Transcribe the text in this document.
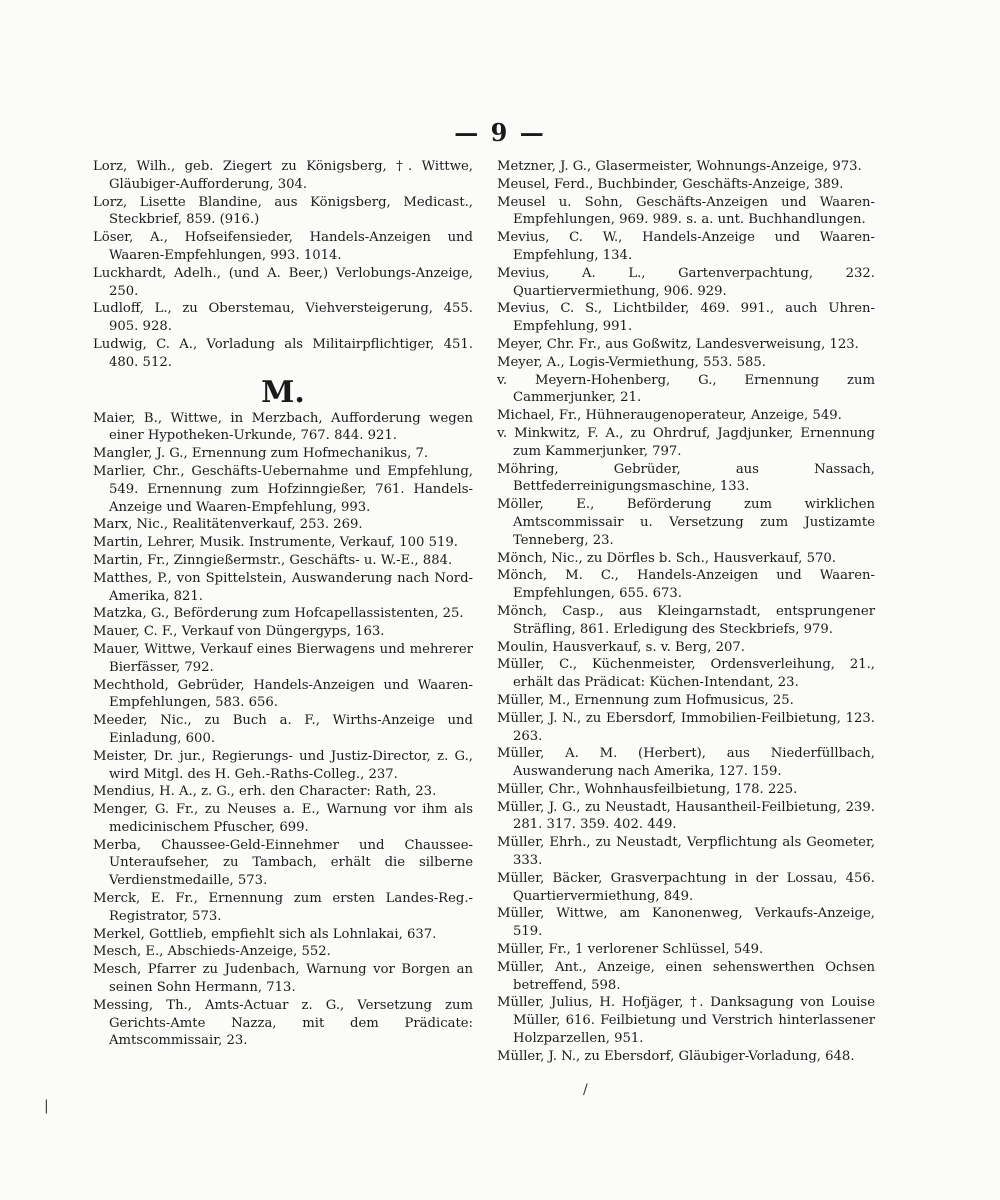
— 9 —
Lorz, Wilh., geb. Ziegert zu Königsberg, †. Wittwe, Gläubiger-Aufforderung, 304.
Lorz, Lisette Blandine, aus Königsberg, Medicast., Steckbrief, 859. (916.)
Löser, A., Hofseifensieder, Handels-Anzeigen und Waaren-Empfehlungen, 993. 1014.
Luckhardt, Adelh., (und A. Beer,) Verlobungs-Anzeige, 250.
Ludloff, L., zu Oberstemau, Viehversteigerung, 455. 905. 928.
Ludwig, C. A., Vorladung als Militairpflichtiger, 451. 480. 512.
M.
Maier, B., Wittwe, in Merzbach, Aufforderung wegen einer Hypotheken-Urkunde, 767. 844. 921.
Mangler, J. G., Ernennung zum Hofmechanikus, 7.
Marlier, Chr., Geschäfts-Uebernahme und Empfehlung, 549. Ernennung zum Hofzinngießer, 761. Handels-Anzeige und Waaren-Empfehlung, 993.
Marx, Nic., Realitätenverkauf, 253. 269.
Martin, Lehrer, Musik. Instrumente, Verkauf, 100 519.
Martin, Fr., Zinngießermstr., Geschäfts- u. W.-E., 884.
Matthes, P., von Spittelstein, Auswanderung nach Nord-Amerika, 821.
Matzka, G., Beförderung zum Hofcapellassistenten, 25.
Mauer, C. F., Verkauf von Düngergyps, 163.
Mauer, Wittwe, Verkauf eines Bierwagens und mehrerer Bierfässer, 792.
Mechthold, Gebrüder, Handels-Anzeigen und Waaren-Empfehlungen, 583. 656.
Meeder, Nic., zu Buch a. F., Wirths-Anzeige und Einladung, 600.
Meister, Dr. jur., Regierungs- und Justiz-Director, z. G., wird Mitgl. des H. Geh.-Raths-Colleg., 237.
Mendius, H. A., z. G., erh. den Character: Rath, 23.
Menger, G. Fr., zu Neuses a. E., Warnung vor ihm als medicinischem Pfuscher, 699.
Merba, Chaussee-Geld-Einnehmer und Chaussee-Unteraufseher, zu Tambach, erhält die silberne Verdienstmedaille, 573.
Merck, E. Fr., Ernennung zum ersten Landes-Reg.-Registrator, 573.
Merkel, Gottlieb, empfiehlt sich als Lohnlakai, 637.
Mesch, E., Abschieds-Anzeige, 552.
Mesch, Pfarrer zu Judenbach, Warnung vor Borgen an seinen Sohn Hermann, 713.
Messing, Th., Amts-Actuar z. G., Versetzung zum Gerichts-Amte Nazza, mit dem Prädicate: Amtscommissair, 23.
Metzner, J. G., Glasermeister, Wohnungs-Anzeige, 973.
Meusel, Ferd., Buchbinder, Geschäfts-Anzeige, 389.
Meusel u. Sohn, Geschäfts-Anzeigen und Waaren-Empfehlungen, 969. 989. s. a. unt. Buchhandlungen.
Mevius, C. W., Handels-Anzeige und Waaren-Empfehlung, 134.
Mevius, A. L., Gartenverpachtung, 232. Quartiervermiethung, 906. 929.
Mevius, C. S., Lichtbilder, 469. 991., auch Uhren-Empfehlung, 991.
Meyer, Chr. Fr., aus Goßwitz, Landesverweisung, 123.
Meyer, A., Logis-Vermiethung, 553. 585.
v. Meyern-Hohenberg, G., Ernennung zum Cammerjunker, 21.
Michael, Fr., Hühneraugenoperateur, Anzeige, 549.
v. Minkwitz, F. A., zu Ohrdruf, Jagdjunker, Ernennung zum Kammerjunker, 797.
Möhring, Gebrüder, aus Nassach, Bettfederreinigungsmaschine, 133.
Möller, E., Beförderung zum wirklichen Amtscommissair u. Versetzung zum Justizamte Tenneberg, 23.
Mönch, Nic., zu Dörfles b. Sch., Hausverkauf, 570.
Mönch, M. C., Handels-Anzeigen und Waaren-Empfehlungen, 655. 673.
Mönch, Casp., aus Kleingarnstadt, entsprungener Sträfling, 861. Erledigung des Steckbriefs, 979.
Moulin, Hausverkauf, s. v. Berg, 207.
Müller, C., Küchenmeister, Ordensverleihung, 21., erhält das Prädicat: Küchen-Intendant, 23.
Müller, M., Ernennung zum Hofmusicus, 25.
Müller, J. N., zu Ebersdorf, Immobilien-Feilbietung, 123. 263.
Müller, A. M. (Herbert), aus Niederfüllbach, Auswanderung nach Amerika, 127. 159.
Müller, Chr., Wohnhausfeilbietung, 178. 225.
Müller, J. G., zu Neustadt, Hausantheil-Feilbietung, 239. 281. 317. 359. 402. 449.
Müller, Ehrh., zu Neustadt, Verpflichtung als Geometer, 333.
Müller, Bäcker, Grasverpachtung in der Lossau, 456. Quartiervermiethung, 849.
Müller, Wittwe, am Kanonenweg, Verkaufs-Anzeige, 519.
Müller, Fr., 1 verlorener Schlüssel, 549.
Müller, Ant., Anzeige, einen sehenswerthen Ochsen betreffend, 598.
Müller, Julius, H. Hofjäger, †. Danksagung von Louise Müller, 616. Feilbietung und Verstrich hinterlassener Holzparzellen, 951.
Müller, J. N., zu Ebersdorf, Gläubiger-Vorladung, 648.
/
|
